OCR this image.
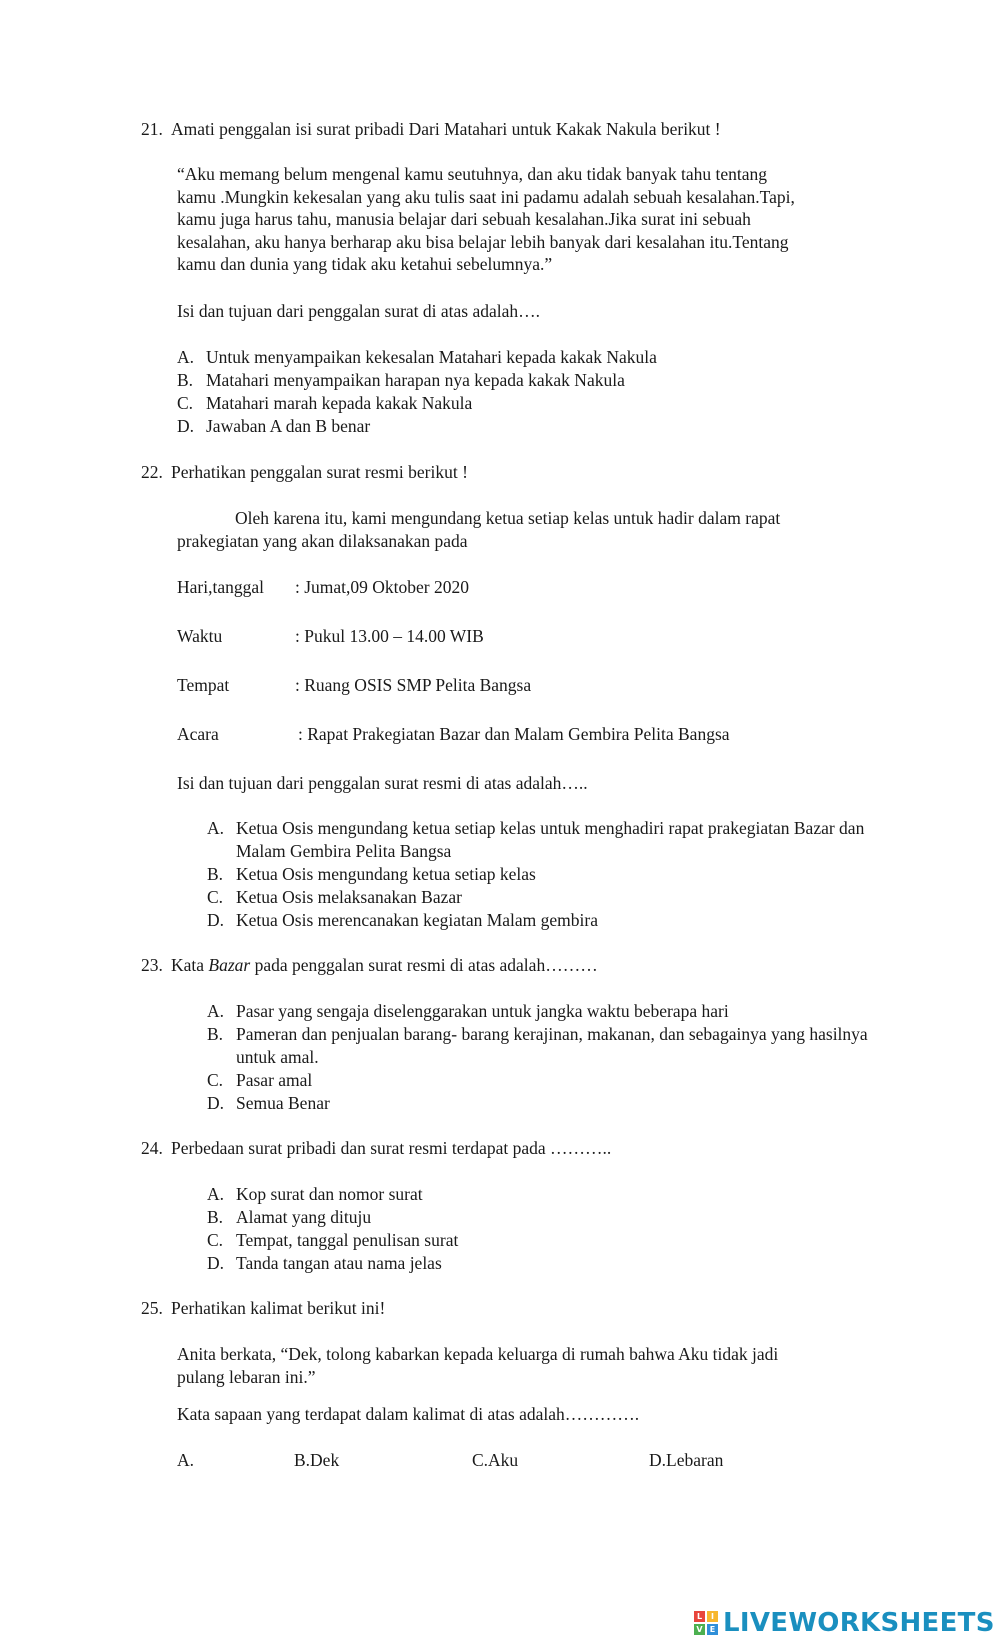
21. Amati penggalan isi surat pribadi Dari Matahari untuk Kakak Nakula berikut !
“Aku memang belum mengenal kamu seutuhnya, dan aku tidak banyak tahu tentang
kamu .Mungkin kekesalan yang aku tulis saat ini padamu adalah sebuah kesalahan.Tapi,
kamu juga harus tahu, manusia belajar dari sebuah kesalahan.Jika surat ini sebuah
kesalahan, aku hanya berharap aku bisa belajar lebih banyak dari kesalahan itu.Tentang
kamu dan dunia yang tidak aku ketahui sebelumnya.”
Isi dan tujuan dari penggalan surat di atas adalah….
A. Untuk menyampaikan kekesalan Matahari kepada kakak Nakula
B. Matahari menyampaikan harapan nya kepada kakak Nakula
C. Matahari marah kepada kakak Nakula
D. Jawaban A dan B benar
22. Perhatikan penggalan surat resmi berikut !
Oleh karena itu, kami mengundang ketua setiap kelas untuk hadir dalam rapat
prakegiatan yang akan dilaksanakan pada
Hari,tanggal	: Jumat,09 Oktober 2020
Waktu	: Pukul 13.00 – 14.00 WIB
Tempat	: Ruang OSIS SMP Pelita Bangsa
Acara	: Rapat Prakegiatan Bazar dan Malam Gembira Pelita Bangsa
Isi dan tujuan dari penggalan surat resmi di atas adalah…..
A. Ketua Osis mengundang ketua setiap kelas untuk menghadiri rapat prakegiatan Bazar dan Malam Gembira Pelita Bangsa
B. Ketua Osis mengundang ketua setiap kelas
C. Ketua Osis melaksanakan Bazar
D. Ketua Osis merencanakan kegiatan Malam gembira
23. Kata Bazar pada penggalan surat resmi di atas adalah………
A. Pasar yang sengaja diselenggarakan untuk jangka waktu beberapa hari
B. Pameran dan penjualan barang- barang kerajinan, makanan, dan sebagainya yang hasilnya untuk amal.
C. Pasar amal
D. Semua Benar
24. Perbedaan surat pribadi dan surat resmi terdapat pada ………..
A. Kop surat dan nomor surat
B. Alamat yang dituju
C. Tempat, tanggal penulisan surat
D. Tanda tangan atau nama jelas
25. Perhatikan kalimat berikut ini!
Anita berkata, “Dek, tolong kabarkan kepada keluarga di rumah bahwa Aku tidak jadi
pulang lebaran ini.”
Kata sapaan yang terdapat dalam kalimat di atas adalah………….
A.	B.Dek	C.Aku	D.Lebaran
L	I
V E LIVEWORKSHEETS
